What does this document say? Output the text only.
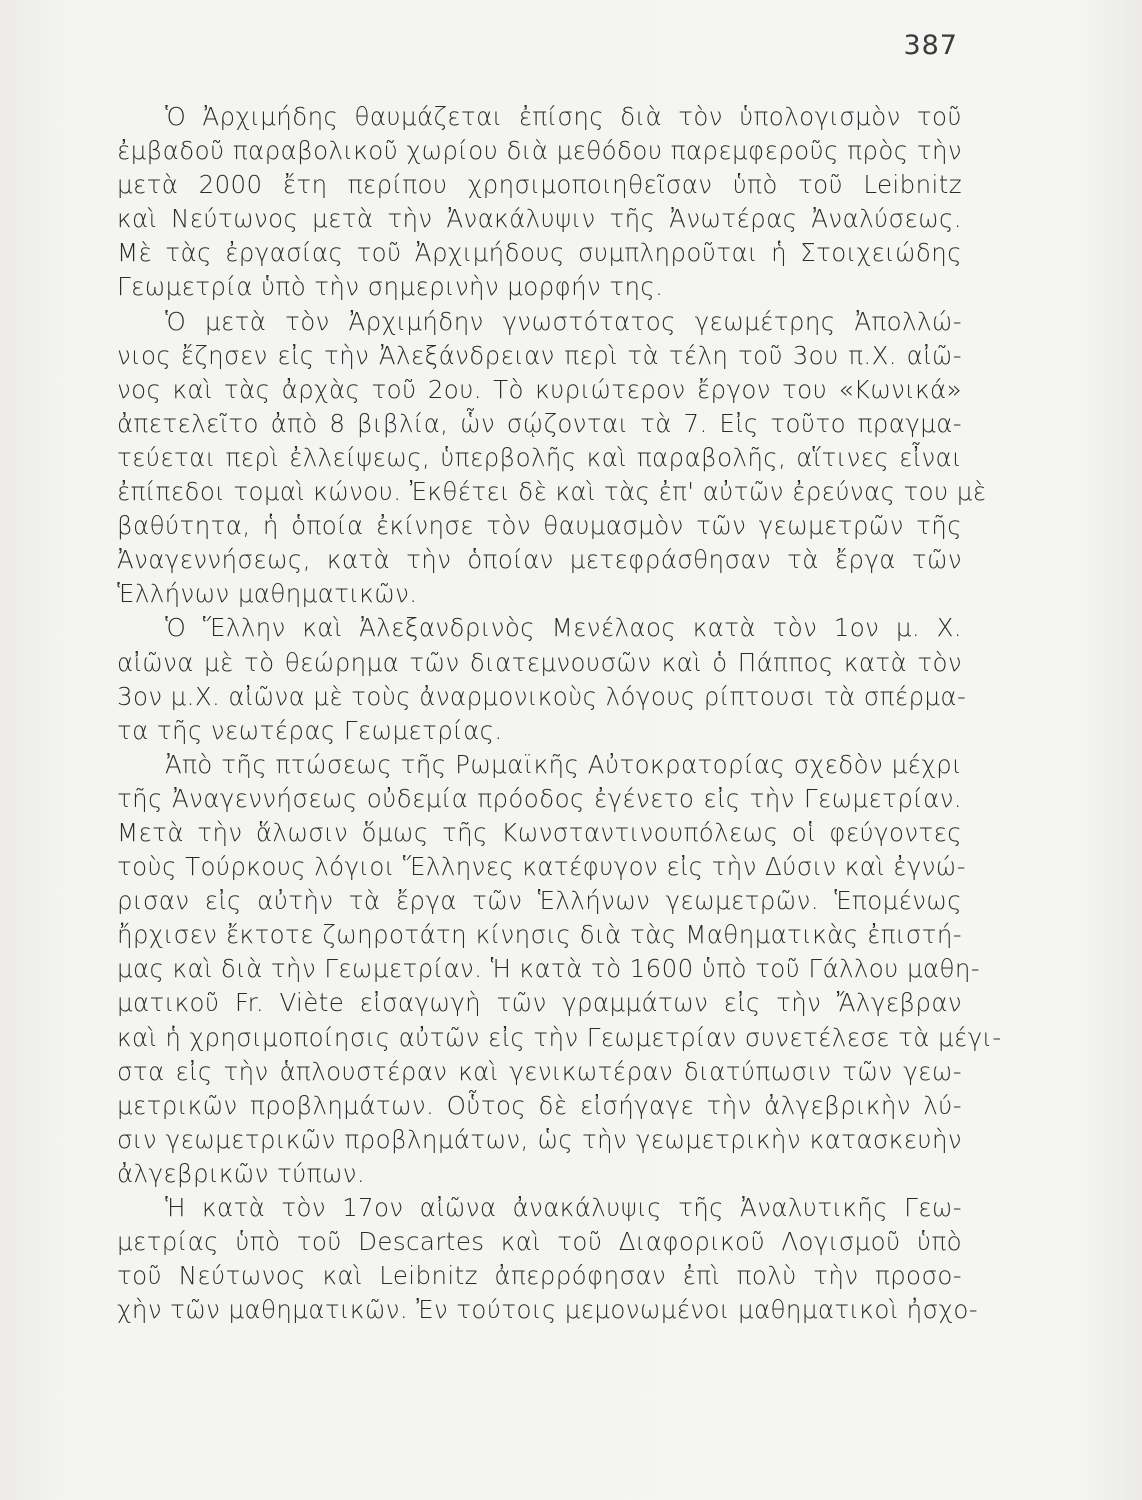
387

Ὁ Ἀρχιμήδης θαυμάζεται ἐπίσης διὰ τὸν ὑπολογισμὸν τοῦ
ἐμβαδοῦ παραβολικοῦ χωρίου διὰ μεθόδου παρεμφεροῦς πρὸς τὴν
μετὰ 2000 ἔτη περίπου χρησιμοποιηθεῖσαν ὑπὸ τοῦ Leibnitz
καὶ Νεύτωνος μετὰ τὴν Ἀνακάλυψιν τῆς Ἀνωτέρας Ἀναλύσεως.
Μὲ τὰς ἐργασίας τοῦ Ἀρχιμήδους συμπληροῦται ἡ Στοιχειώδης
Γεωμετρία ὑπὸ τὴν σημερινὴν μορφήν της.

Ὁ μετὰ τὸν Ἀρχιμήδην γνωστότατος γεωμέτρης Ἀπολλώ-
νιος ἔζησεν εἰς τὴν Ἀλεξάνδρειαν περὶ τὰ τέλη τοῦ 3ου π.Χ. αἰῶ-
νος καὶ τὰς ἀρχὰς τοῦ 2ου. Τὸ κυριώτερον ἔργον του «Κωνικά»
ἀπετελεῖτο ἀπὸ 8 βιβλία, ὧν σῴζονται τὰ 7. Εἰς τοῦτο πραγμα-
τεύεται περὶ ἐλλείψεως, ὑπερβολῆς καὶ παραβολῆς, αἵτινες εἶναι
ἐπίπεδοι τομαὶ κώνου. Ἐκθέτει δὲ καὶ τὰς ἐπ' αὐτῶν ἐρεύνας του μὲ
βαθύτητα, ἡ ὁποία ἐκίνησε τὸν θαυμασμὸν τῶν γεωμετρῶν τῆς
Ἀναγεννήσεως, κατὰ τὴν ὁποίαν μετεφράσθησαν τὰ ἔργα τῶν
Ἑλλήνων μαθηματικῶν.

Ὁ Ἕλλην καὶ Ἀλεξανδρινὸς Μενέλαος κατὰ τὸν 1ον μ. Χ.
αἰῶνα μὲ τὸ θεώρημα τῶν διατεμνουσῶν καὶ ὁ Πάππος κατὰ τὸν
3ον μ.Χ. αἰῶνα μὲ τοὺς ἀναρμονικοὺς λόγους ρίπτουσι τὰ σπέρμα-
τα τῆς νεωτέρας Γεωμετρίας.

Ἀπὸ τῆς πτώσεως τῆς Ρωμαϊκῆς Αὐτοκρατορίας σχεδὸν μέχρι
τῆς Ἀναγεννήσεως οὐδεμία πρόοδος ἐγένετο εἰς τὴν Γεωμετρίαν.
Μετὰ τὴν ἅλωσιν ὅμως τῆς Κωνσταντινουπόλεως οἱ φεύγοντες
τοὺς Τούρκους λόγιοι Ἕλληνες κατέφυγον εἰς τὴν Δύσιν καὶ ἐγνώ-
ρισαν εἰς αὐτὴν τὰ ἔργα τῶν Ἑλλήνων γεωμετρῶν. Ἑπομένως
ἤρχισεν ἔκτοτε ζωηροτάτη κίνησις διὰ τὰς Μαθηματικὰς ἐπιστή-
μας καὶ διὰ τὴν Γεωμετρίαν. Ἡ κατὰ τὸ 1600 ὑπὸ τοῦ Γάλλου μαθη-
ματικοῦ Fr. Viète εἰσαγωγὴ τῶν γραμμάτων εἰς τὴν Ἄλγεβραν
καὶ ἡ χρησιμοποίησις αὐτῶν εἰς τὴν Γεωμετρίαν συνετέλεσε τὰ μέγι-
στα εἰς τὴν ἁπλουστέραν καὶ γενικωτέραν διατύπωσιν τῶν γεω-
μετρικῶν προβλημάτων. Οὗτος δὲ εἰσήγαγε τὴν ἀλγεβρικὴν λύ-
σιν γεωμετρικῶν προβλημάτων, ὡς τὴν γεωμετρικὴν κατασκευὴν
ἀλγεβρικῶν τύπων.

Ἡ κατὰ τὸν 17ον αἰῶνα ἀνακάλυψις τῆς Ἀναλυτικῆς Γεω-
μετρίας ὑπὸ τοῦ Descartes καὶ τοῦ Διαφορικοῦ Λογισμοῦ ὑπὸ
τοῦ Νεύτωνος καὶ Leibnitz ἀπερρόφησαν ἐπὶ πολὺ τὴν προσο-
χὴν τῶν μαθηματικῶν. Ἐν τούτοις μεμονωμένοι μαθηματικοὶ ἠσχο-
